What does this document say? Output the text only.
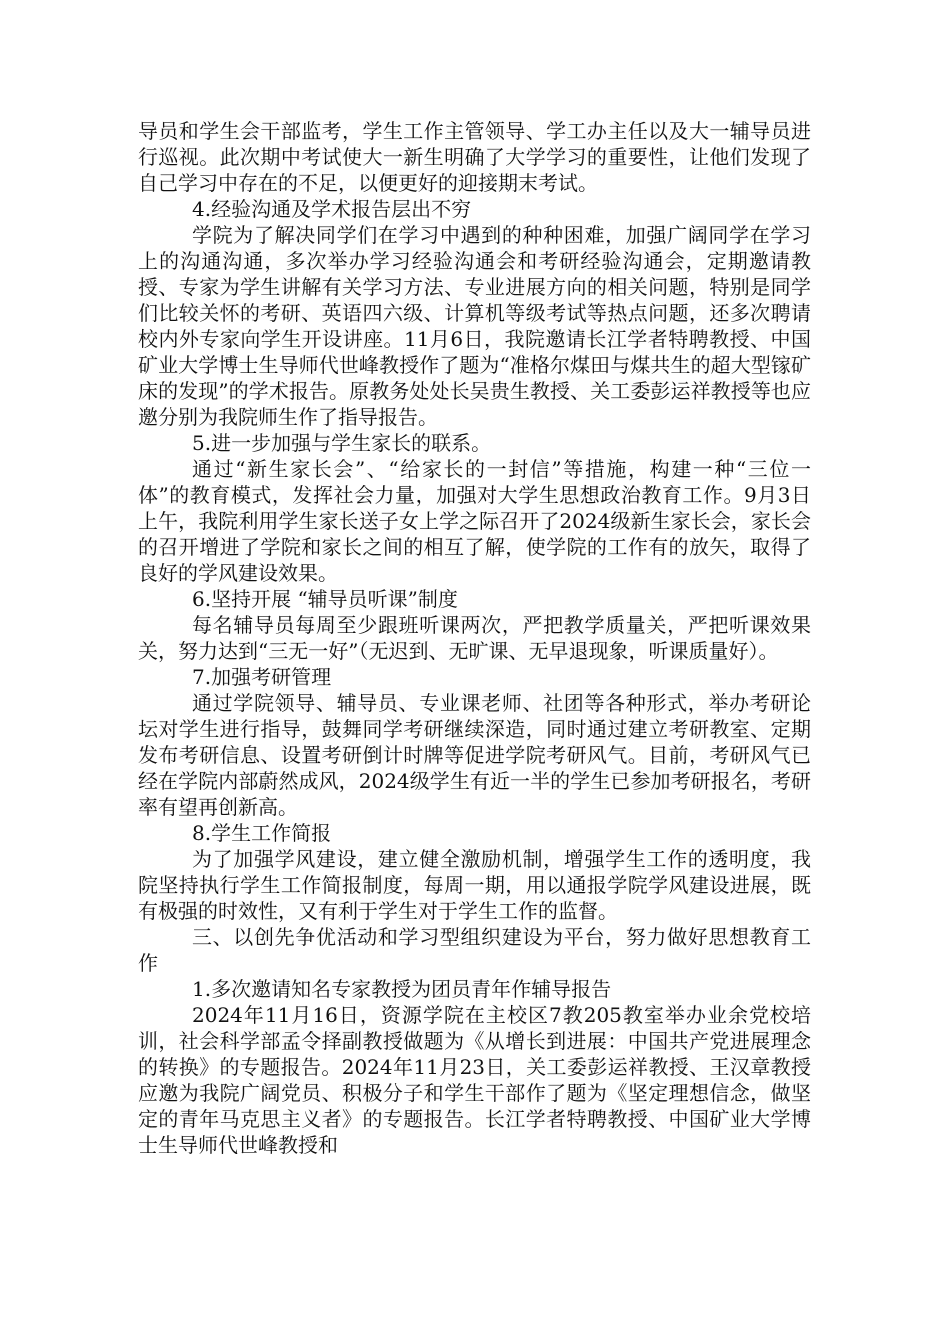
导员和学生会干部监考，学生工作主管领导、学工办主任以及大一辅导员进行巡视。此次期中考试使大一新生明确了大学学习的重要性，让他们发现了自己学习中存在的不足，以便更好的迎接期末考试。

4.经验沟通及学术报告层出不穷

学院为了解决同学们在学习中遇到的种种困难，加强广阔同学在学习上的沟通沟通，多次举办学习经验沟通会和考研经验沟通会，定期邀请教授、专家为学生讲解有关学习方法、专业进展方向的相关问题，特别是同学们比较关怀的考研、英语四六级、计算机等级考试等热点问题，还多次聘请校内外专家向学生开设讲座。11月6日，我院邀请长江学者特聘教授、中国矿业大学博士生导师代世峰教授作了题为“准格尔煤田与煤共生的超大型镓矿床的发现”的学术报告。原教务处处长吴贵生教授、关工委彭运祥教授等也应邀分别为我院师生作了指导报告。

5.进一步加强与学生家长的联系。

通过“新生家长会”、“给家长的一封信”等措施，构建一种“三位一体”的教育模式，发挥社会力量，加强对大学生思想政治教育工作。9月3日上午，我院利用学生家长送子女上学之际召开了2024级新生家长会，家长会的召开增进了学院和家长之间的相互了解，使学院的工作有的放矢，取得了良好的学风建设效果。

6.坚持开展 “辅导员听课”制度

每名辅导员每周至少跟班听课两次，严把教学质量关，严把听课效果关，努力达到“三无一好”（无迟到、无旷课、无早退现象，听课质量好）。

7.加强考研管理

通过学院领导、辅导员、专业课老师、社团等各种形式，举办考研论坛对学生进行指导，鼓舞同学考研继续深造，同时通过建立考研教室、定期发布考研信息、设置考研倒计时牌等促进学院考研风气。目前，考研风气已经在学院内部蔚然成风，2024级学生有近一半的学生已参加考研报名，考研率有望再创新高。

8.学生工作简报

为了加强学风建设，建立健全激励机制，增强学生工作的透明度，我院坚持执行学生工作简报制度，每周一期，用以通报学院学风建设进展，既有极强的时效性，又有利于学生对于学生工作的监督。

三、以创先争优活动和学习型组织建设为平台，努力做好思想教育工作

1.多次邀请知名专家教授为团员青年作辅导报告

2024年11月16日，资源学院在主校区7教205教室举办业余党校培训，社会科学部孟令择副教授做题为《从增长到进展：中国共产党进展理念的转换》的专题报告。2024年11月23日，关工委彭运祥教授、王汉章教授应邀为我院广阔党员、积极分子和学生干部作了题为《坚定理想信念，做坚定的青年马克思主义者》的专题报告。长江学者特聘教授、中国矿业大学博士生导师代世峰教授和
